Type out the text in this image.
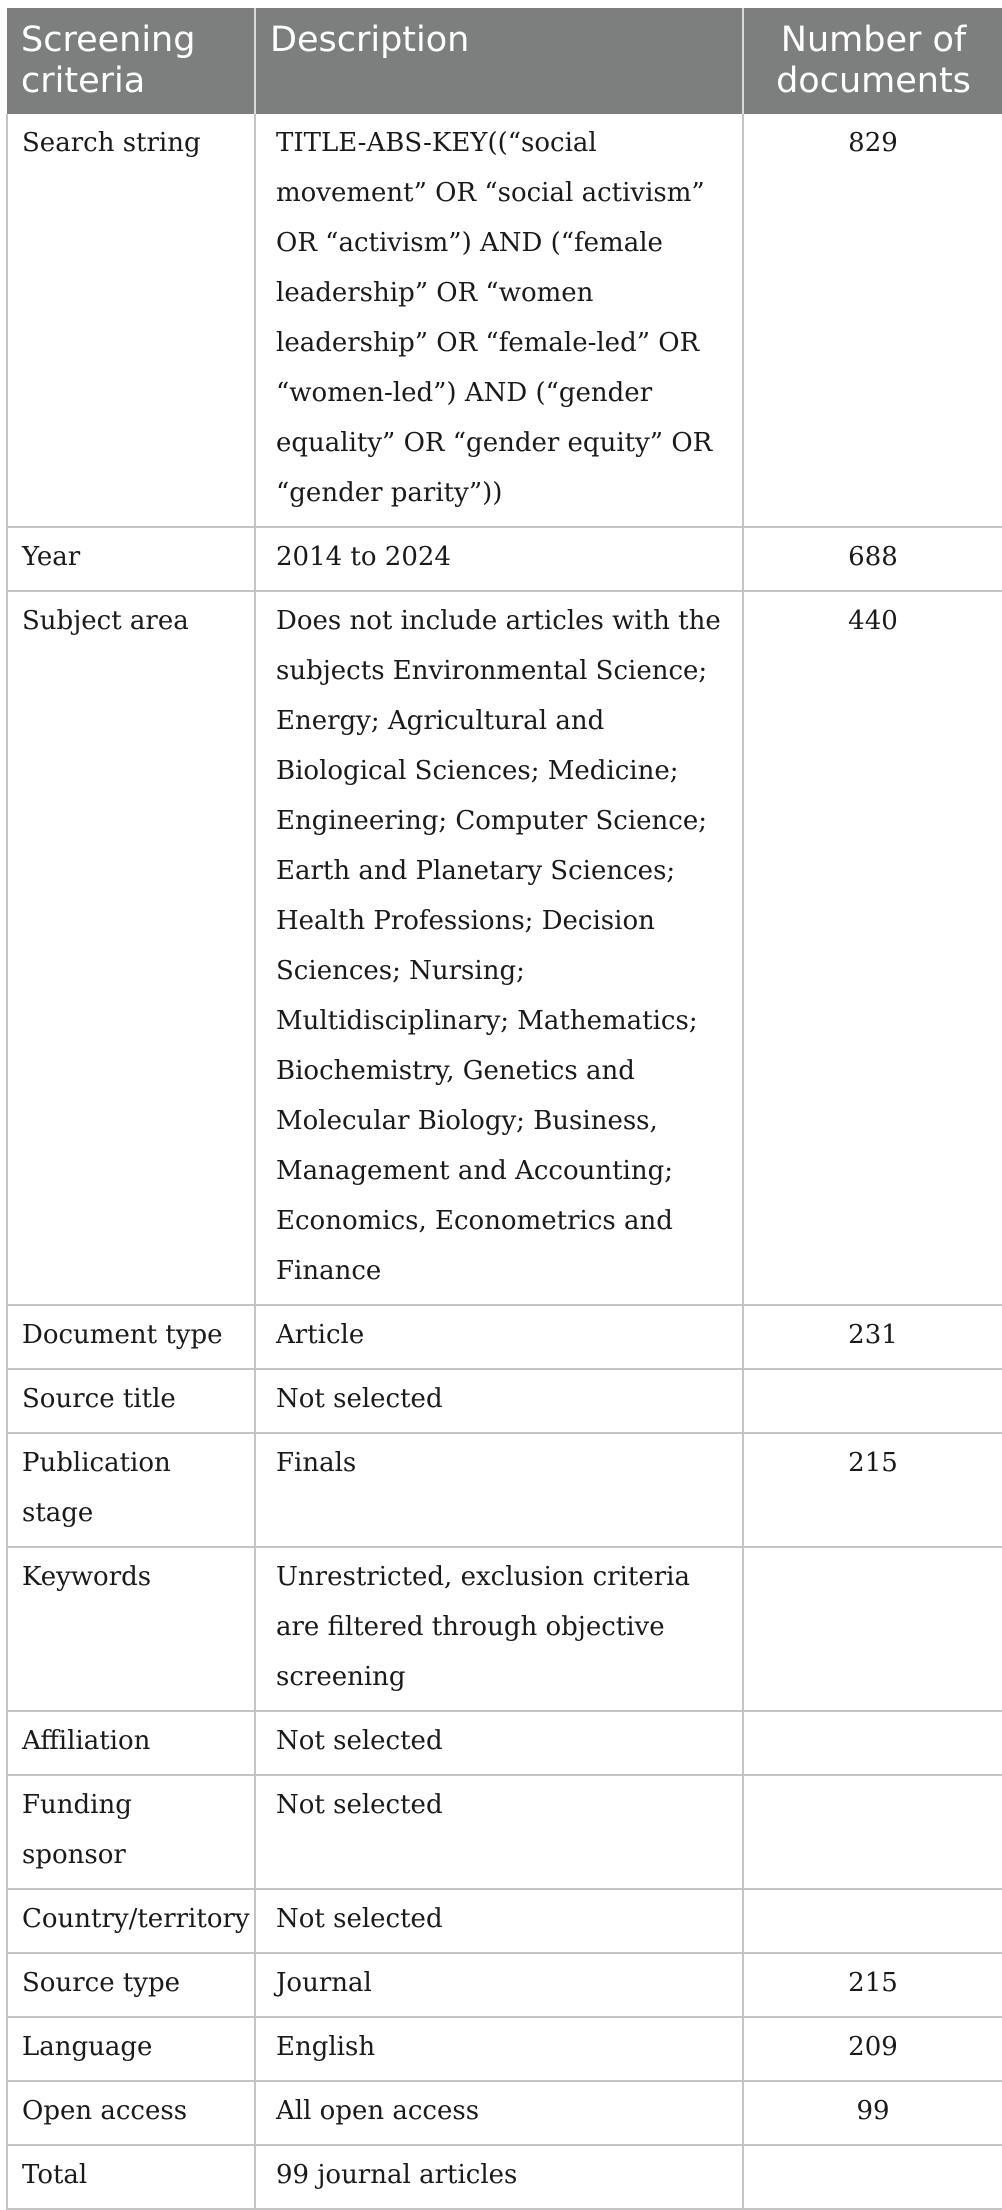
Screening criteria	Description	Number of documents
Search string	TITLE-ABS-KEY((“social movement” OR “social activism” OR “activism”) AND (“female leadership” OR “women leadership” OR “female-led” OR “women-led”) AND (“gender equality” OR “gender equity” OR “gender parity”))	829
Year	2014 to 2024	688
Subject area	Does not include articles with the subjects Environmental Science; Energy; Agricultural and Biological Sciences; Medicine; Engineering; Computer Science; Earth and Planetary Sciences; Health Professions; Decision Sciences; Nursing; Multidisciplinary; Mathematics; Biochemistry, Genetics and Molecular Biology; Business, Management and Accounting; Economics, Econometrics and Finance	440
Document type	Article	231
Source title	Not selected	
Publication stage	Finals	215
Keywords	Unrestricted, exclusion criteria are filtered through objective screening	
Affiliation	Not selected	
Funding sponsor	Not selected	
Country/territory	Not selected	
Source type	Journal	215
Language	English	209
Open access	All open access	99
Total	99 journal articles	
